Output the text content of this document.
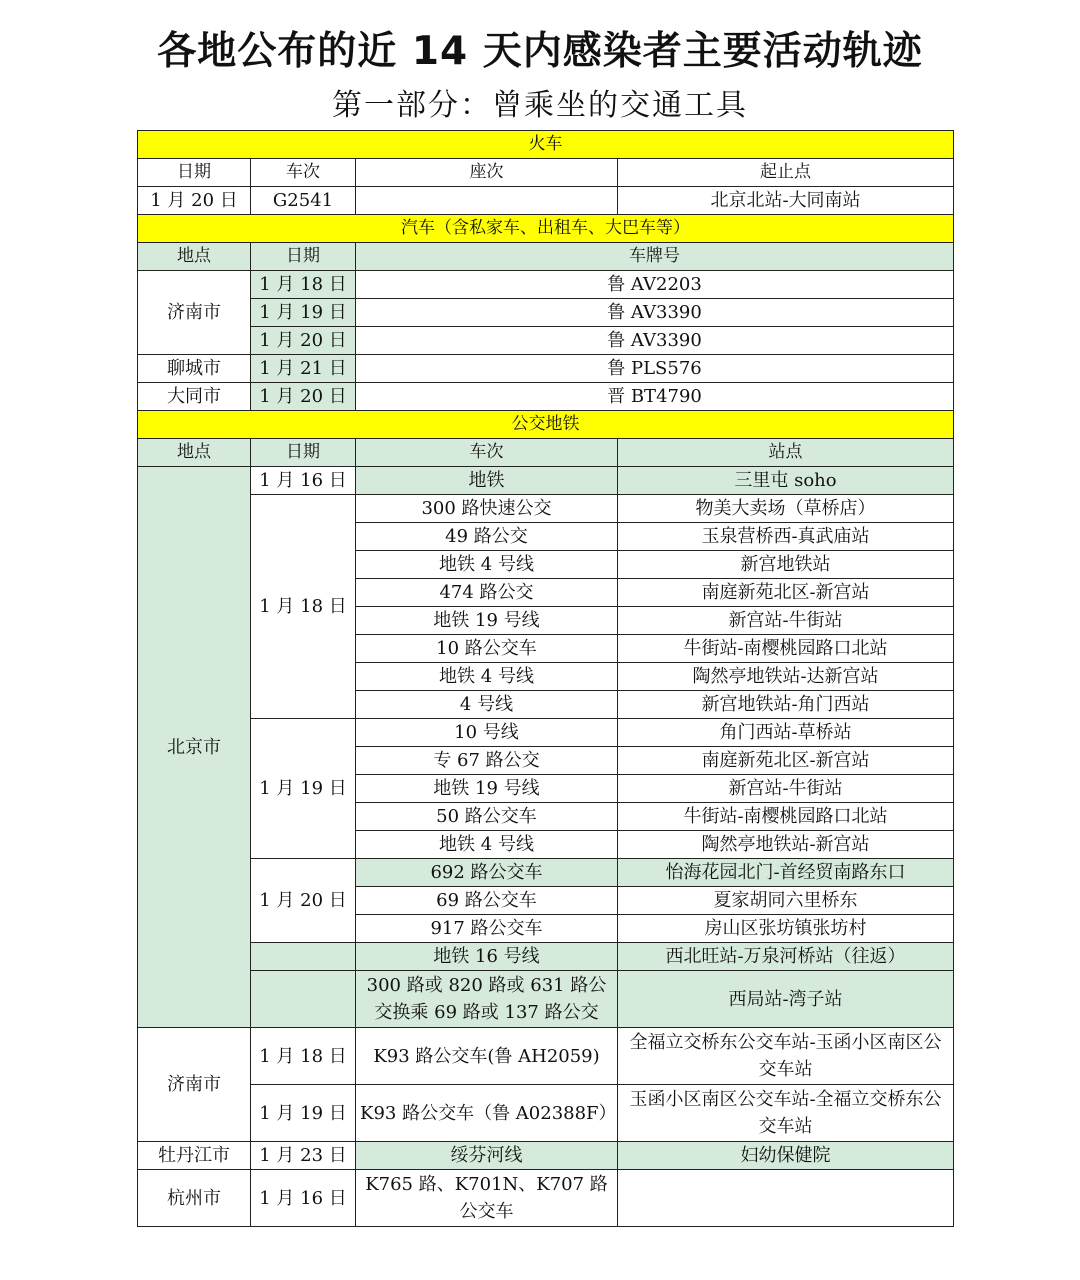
各地公布的近 14 天内感染者主要活动轨迹
第一部分：曾乘坐的交通工具
火车			
日期	车次	座次	起止点
1 月 20 日	G2541		北京北站-大同南站
汽车（含私家车、出租车、大巴车等）			
地点	日期	车牌号	
济南市	1 月 18 日	鲁 AV2203	
	1 月 19 日	鲁 AV3390	
	1 月 20 日	鲁 AV3390	
聊城市	1 月 21 日	鲁 PLS576	
大同市	1 月 20 日	晋 BT4790	
公交地铁			
地点	日期	车次	站点
北京市	1 月 16 日	地铁	三里屯 soho
	1 月 18 日	300 路快速公交	物美大卖场（草桥店）
		49 路公交	玉泉营桥西-真武庙站
		地铁 4 号线	新宫地铁站
		474 路公交	南庭新苑北区-新宫站
		地铁 19 号线	新宫站-牛街站
		10 路公交车	牛街站-南樱桃园路口北站
		地铁 4 号线	陶然亭地铁站-达新宫站
		4 号线	新宫地铁站-角门西站
	1 月 19 日	10 号线	角门西站-草桥站
		专 67 路公交	南庭新苑北区-新宫站
		地铁 19 号线	新宫站-牛街站
		50 路公交车	牛街站-南樱桃园路口北站
		地铁 4 号线	陶然亭地铁站-新宫站
	1 月 20 日	692 路公交车	怡海花园北门-首经贸南路东口
		69 路公交车	夏家胡同六里桥东
		917 路公交车	房山区张坊镇张坊村
		地铁 16 号线	西北旺站-万泉河桥站（往返）
		300 路或 820 路或 631 路公交换乘 69 路或 137 路公交	西局站-湾子站

济南市	1 月 18 日	K93 路公交车(鲁 AH2059)	全福立交桥东公交车站-玉函小区南区公交车站
	1 月 19 日	K93 路公交车（鲁 A02388F）	玉函小区南区公交车站-全福立交桥东公交车站
牡丹江市	1 月 23 日	绥芬河线	妇幼保健院
杭州市	1 月 16 日	K765 路、K701N、K707 路公交车	
